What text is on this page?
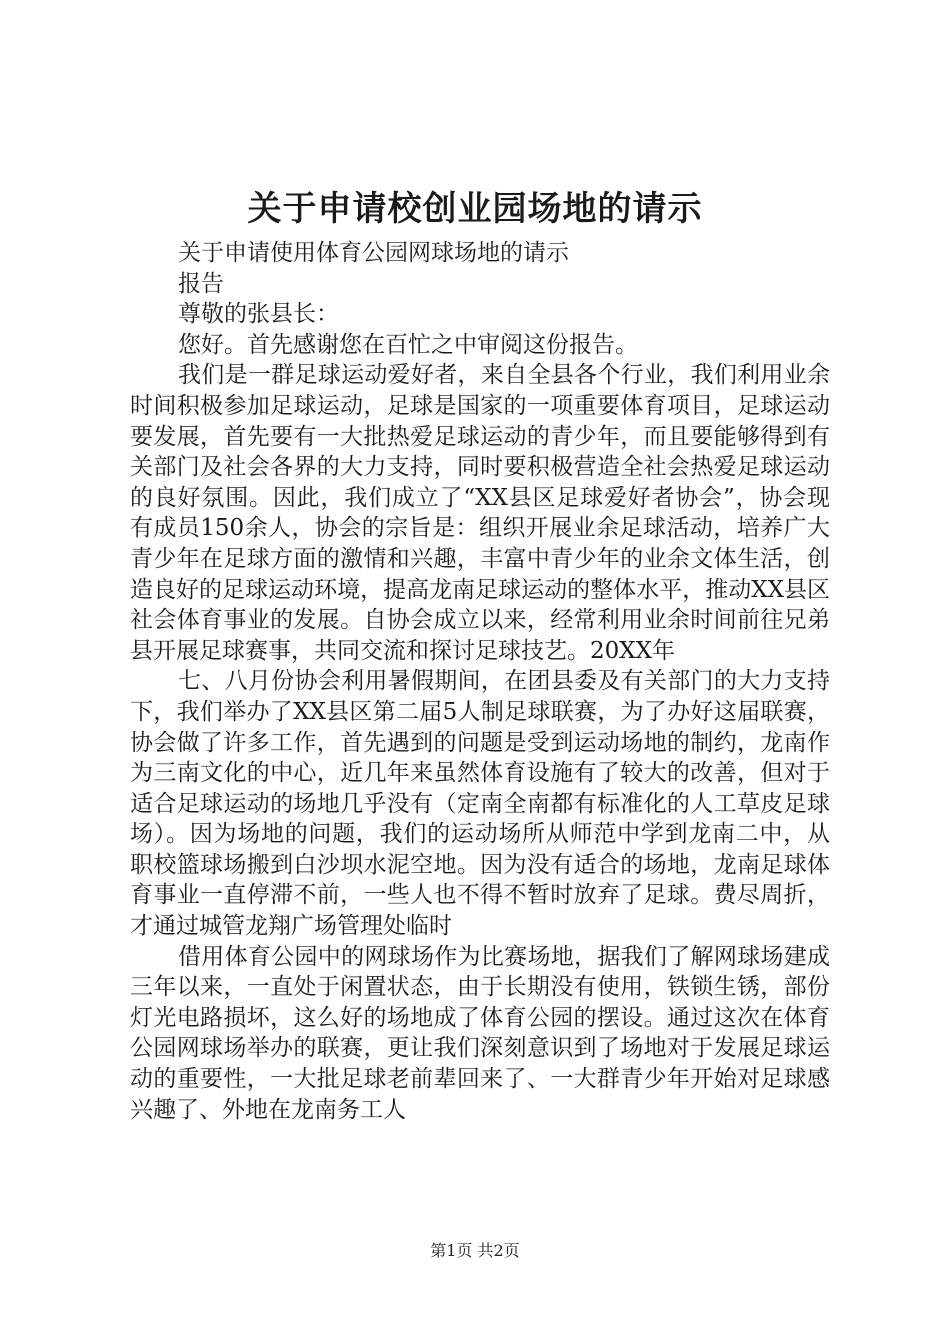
关于申请校创业园场地的请示

关于申请使用体育公园网球场地的请示

报告

尊敬的张县长：

您好。首先感谢您在百忙之中审阅这份报告。

我们是一群足球运动爱好者，来自全县各个行业，我们利用业余时间积极参加足球运动，足球是国家的一项重要体育项目，足球运动要发展，首先要有一大批热爱足球运动的青少年，而且要能够得到有关部门及社会各界的大力支持，同时要积极营造全社会热爱足球运动的良好氛围。因此，我们成立了“XX县区足球爱好者协会”，协会现有成员150余人，协会的宗旨是：组织开展业余足球活动，培养广大青少年在足球方面的激情和兴趣，丰富中青少年的业余文体生活，创造良好的足球运动环境，提高龙南足球运动的整体水平，推动XX县区社会体育事业的发展。自协会成立以来，经常利用业余时间前往兄弟县开展足球赛事，共同交流和探讨足球技艺。20XX年

七、八月份协会利用暑假期间，在团县委及有关部门的大力支持下，我们举办了XX县区第二届5人制足球联赛，为了办好这届联赛，协会做了许多工作，首先遇到的问题是受到运动场地的制约，龙南作为三南文化的中心，近几年来虽然体育设施有了较大的改善，但对于适合足球运动的场地几乎没有（定南全南都有标准化的人工草皮足球场）。因为场地的问题，我们的运动场所从师范中学到龙南二中，从职校篮球场搬到白沙坝水泥空地。因为没有适合的场地，龙南足球体育事业一直停滞不前，一些人也不得不暂时放弃了足球。费尽周折，才通过城管龙翔广场管理处临时

借用体育公园中的网球场作为比赛场地，据我们了解网球场建成三年以来，一直处于闲置状态，由于长期没有使用，铁锁生锈，部份灯光电路损坏，这么好的场地成了体育公园的摆设。通过这次在体育公园网球场举办的联赛，更让我们深刻意识到了场地对于发展足球运动的重要性，一大批足球老前辈回来了、一大群青少年开始对足球感兴趣了、外地在龙南务工人

第1页 共2页
